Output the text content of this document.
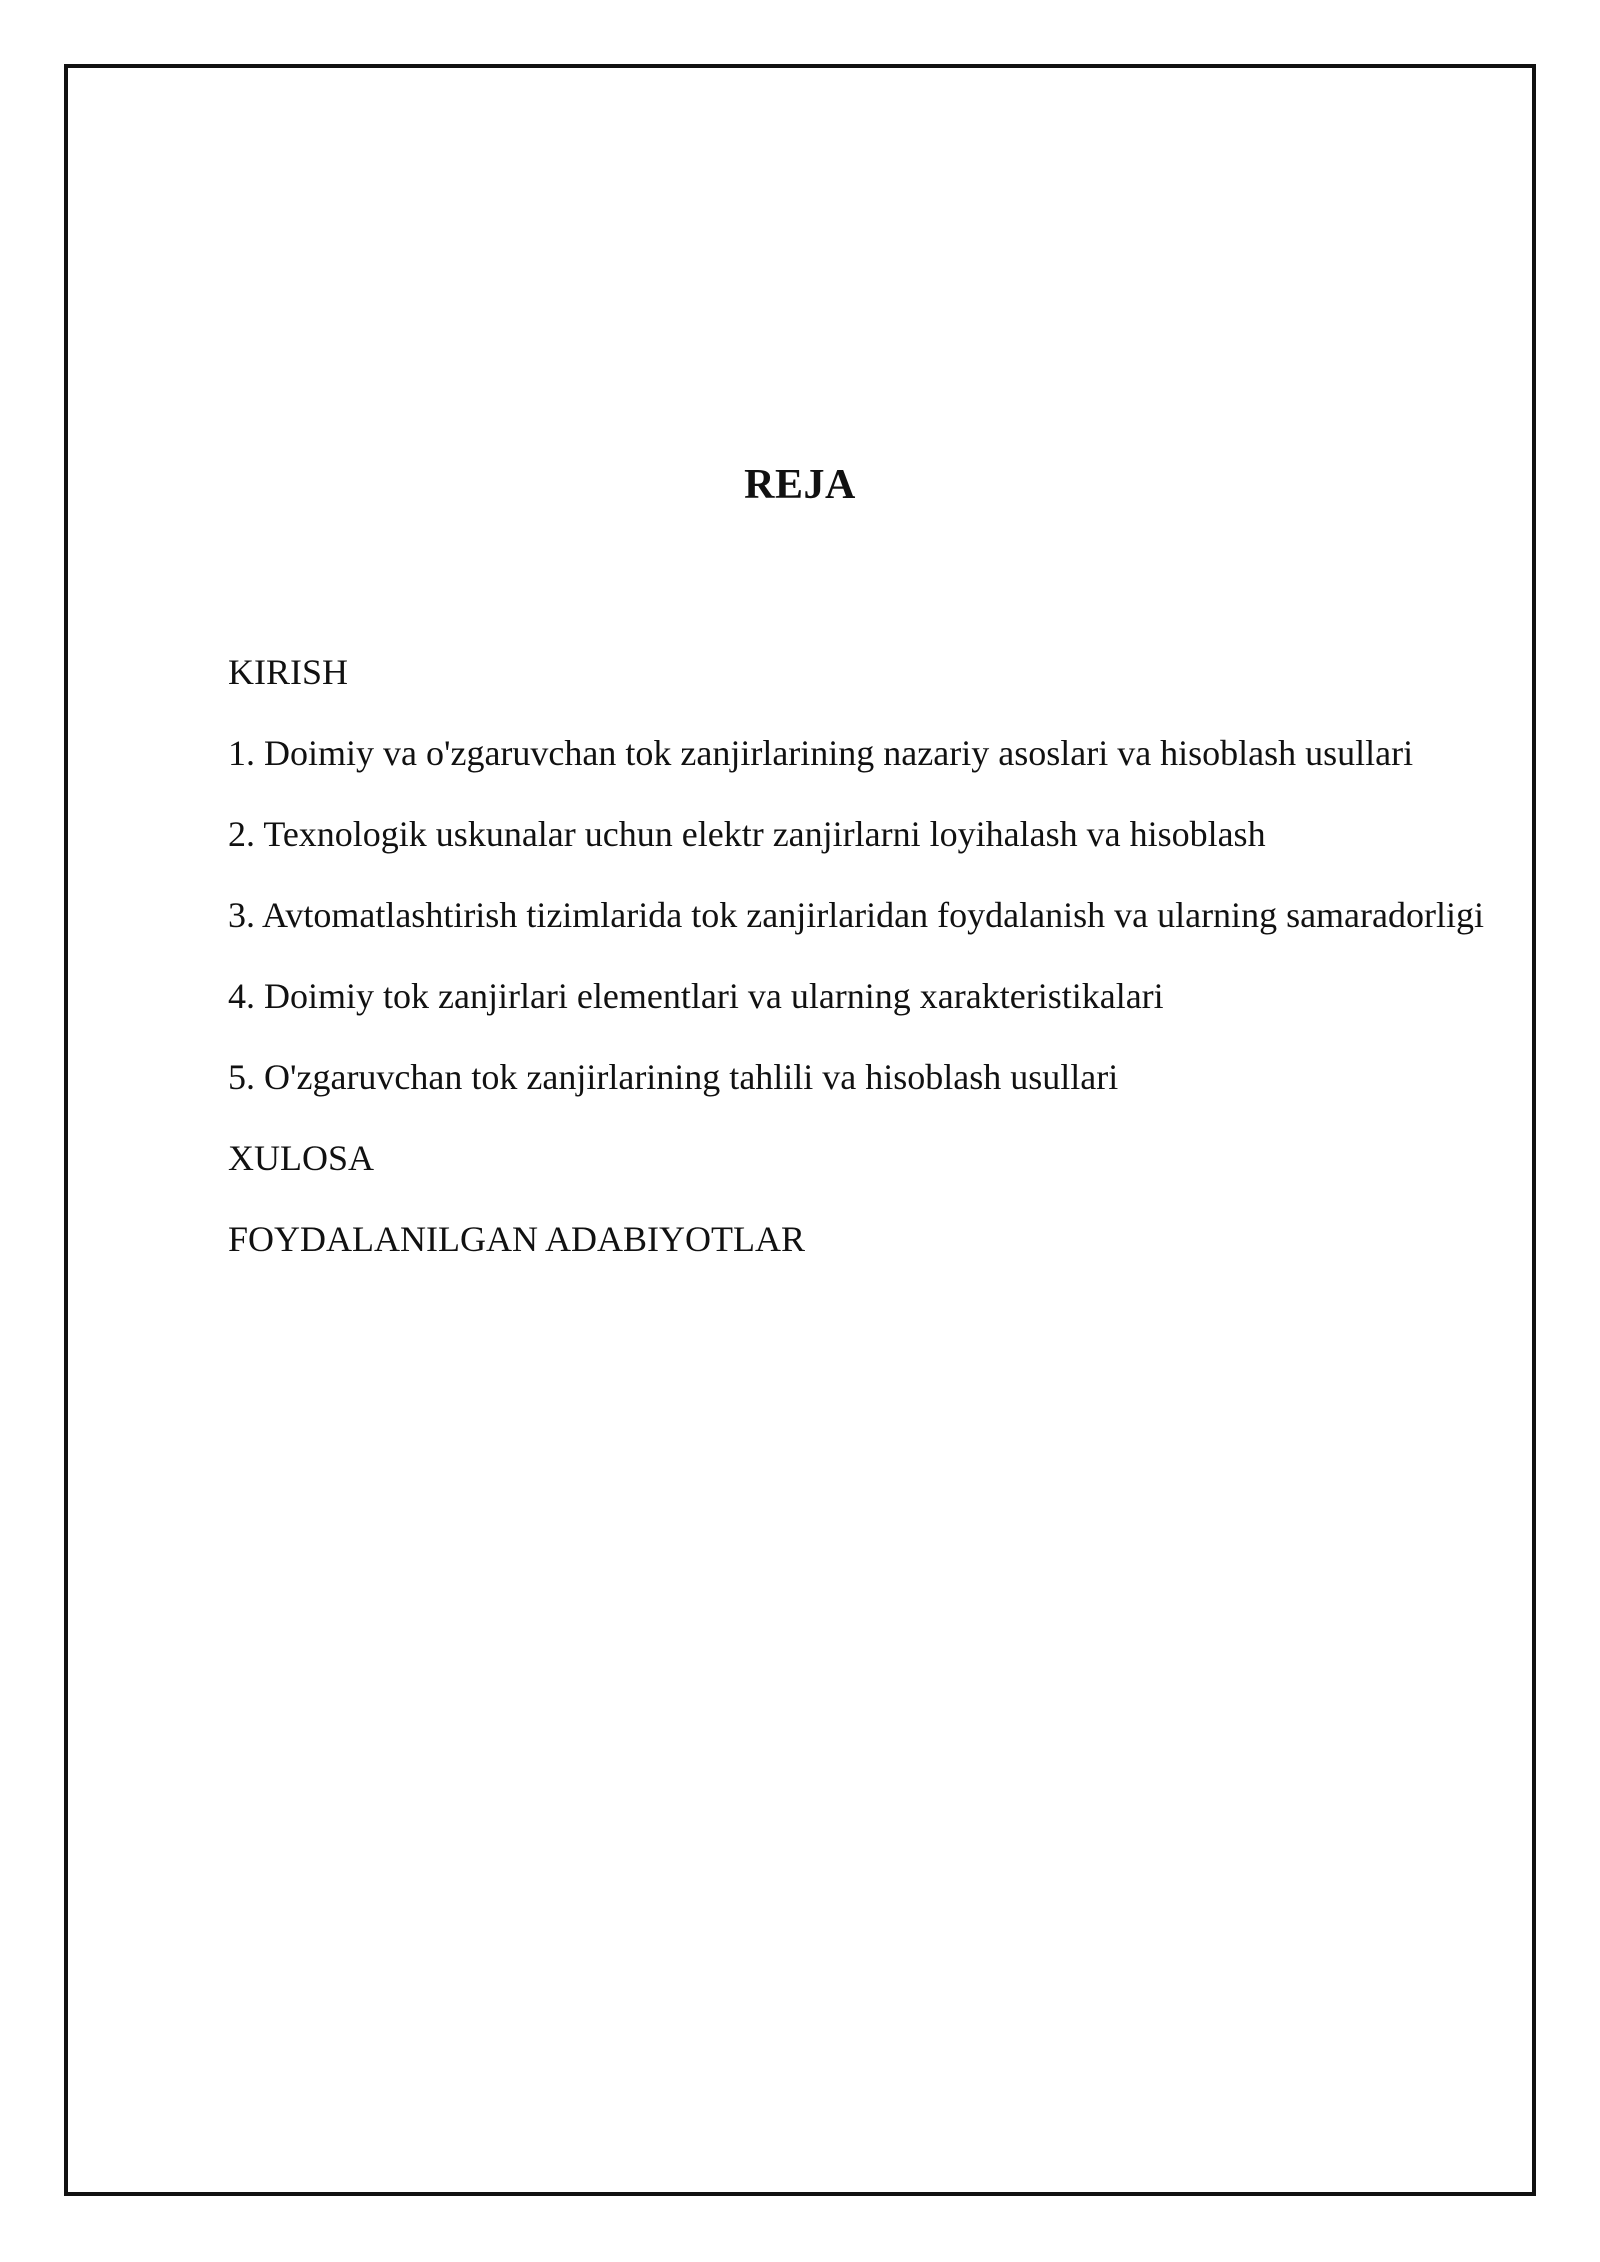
REJA

KIRISH

1. Doimiy va o'zgaruvchan tok zanjirlarining nazariy asoslari va hisoblash usullari

2. Texnologik uskunalar uchun elektr zanjirlarni loyihalash va hisoblash

3. Avtomatlashtirish tizimlarida tok zanjirlaridan foydalanish va ularning samaradorligi

4. Doimiy tok zanjirlari elementlari va ularning xarakteristikalari

5. O'zgaruvchan tok zanjirlarining tahlili va hisoblash usullari

XULOSA

FOYDALANILGAN ADABIYOTLAR
